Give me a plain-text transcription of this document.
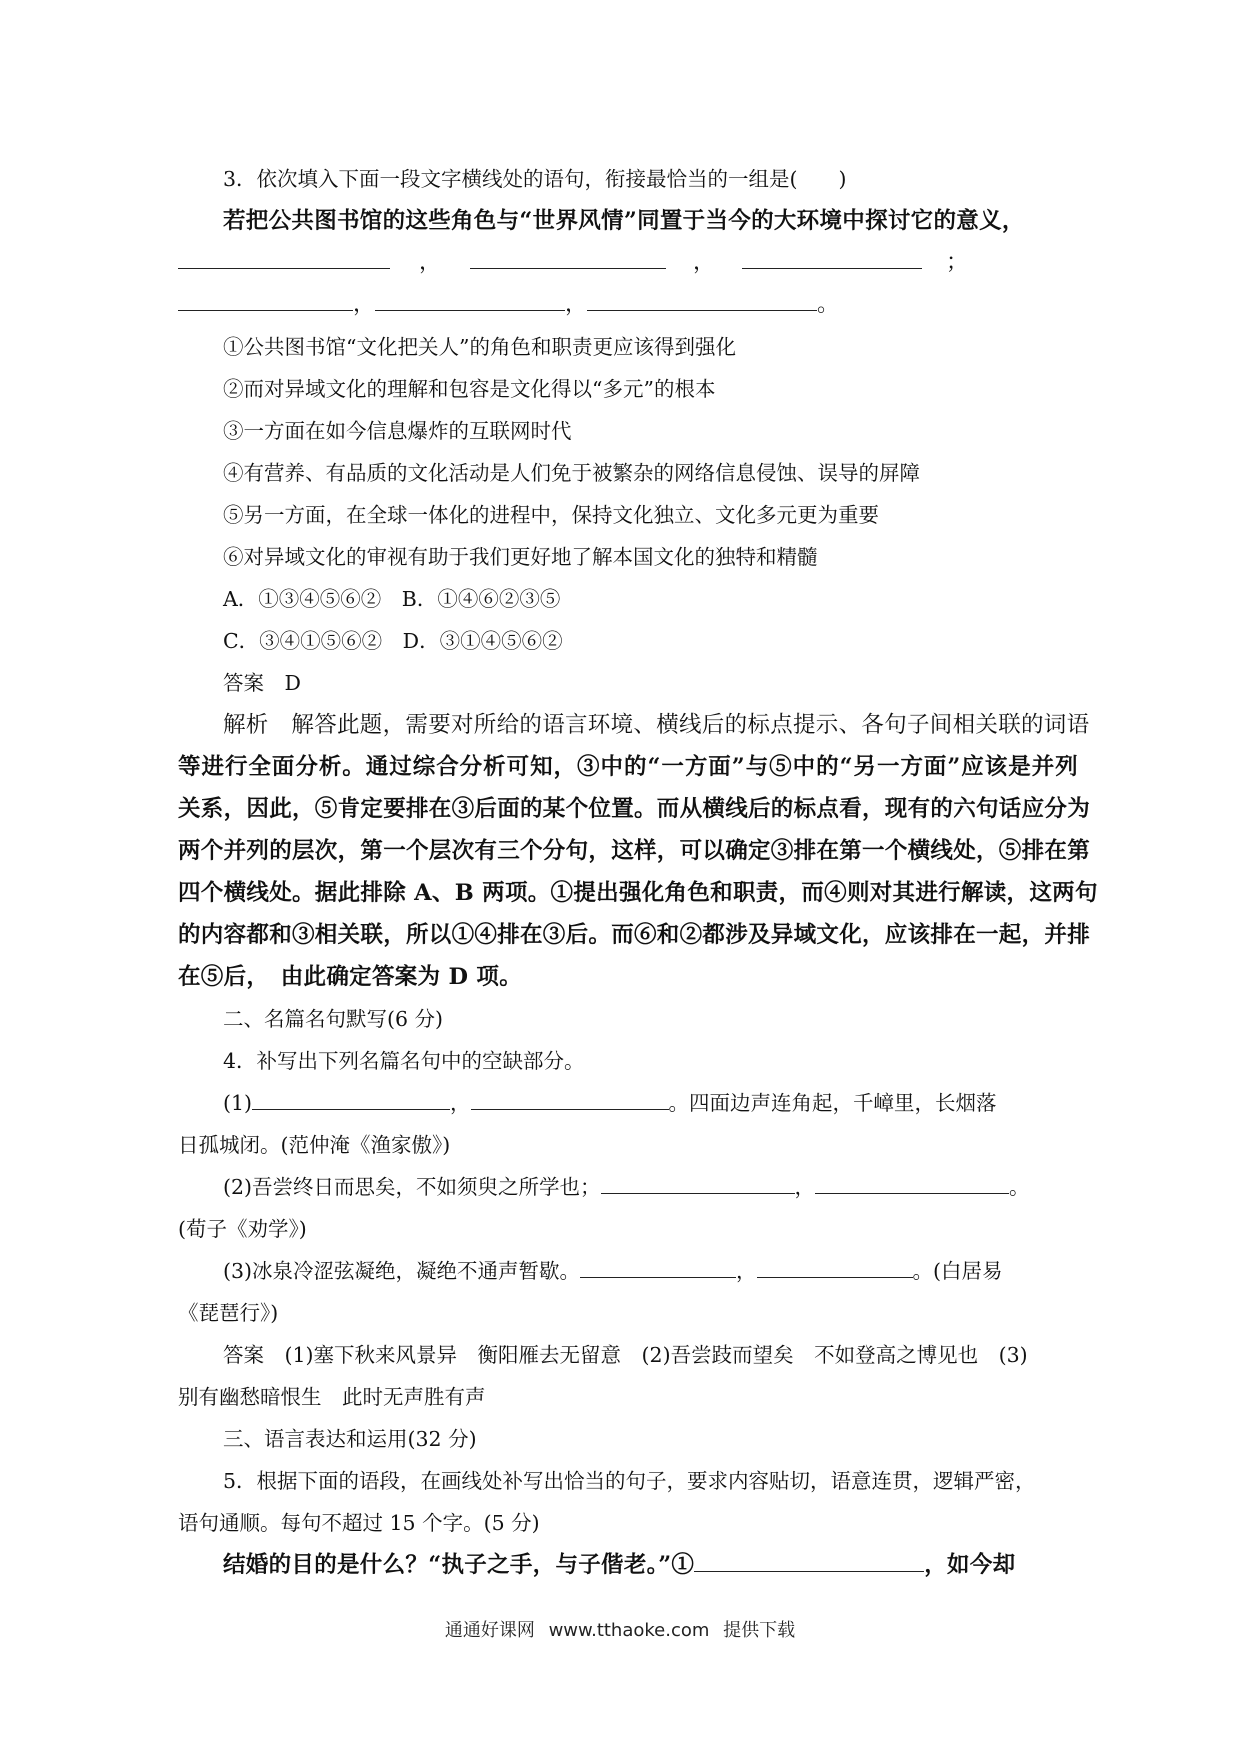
3．依次填入下面一段文字横线处的语句，衔接最恰当的一组是(　　)
若把公共图书馆的这些角色与“世界风情”同置于当今的大环境中探讨它的意义，
，	，	；
，	，	。
①公共图书馆“文化把关人”的角色和职责更应该得到强化
②而对异域文化的理解和包容是文化得以“多元”的根本
③一方面在如今信息爆炸的互联网时代
④有营养、有品质的文化活动是人们免于被繁杂的网络信息侵蚀、误导的屏障
⑤另一方面，在全球一体化的进程中，保持文化独立、文化多元更为重要
⑥对异域文化的审视有助于我们更好地了解本国文化的独特和精髓
A．①③④⑤⑥②　B．①④⑥②③⑤
C．③④①⑤⑥②　D．③①④⑤⑥②
答案　D
解析　解答此题，需要对所给的语言环境、横线后的标点提示、各句子间相关联的词语
等进行全面分析。通过综合分析可知，③中的“一方面”与⑤中的“另一方面”应该是并列
关系，因此，⑤肯定要排在③后面的某个位置。而从横线后的标点看，现有的六句话应分为
两个并列的层次，第一个层次有三个分句，这样，可以确定③排在第一个横线处，⑤排在第
四个横线处。据此排除 A、B 两项。①提出强化角色和职责，而④则对其进行解读，这两句
的内容都和③相关联，所以①④排在③后。而⑥和②都涉及异域文化，应该排在一起，并排
在⑤后，　由此确定答案为 D 项。
二、名篇名句默写(6 分)
4．补写出下列名篇名句中的空缺部分。
(1)	，	。四面边声连角起，千嶂里，长烟落
日孤城闭。(范仲淹《渔家傲》)
(2)吾尝终日而思矣，不如须臾之所学也；	，	。
(荀子《劝学》)
(3)冰泉冷涩弦凝绝，凝绝不通声暂歇。	，	。(白居易
《琵琶行》)
答案　(1)塞下秋来风景异　衡阳雁去无留意　(2)吾尝跂而望矣　不如登高之博见也　(3)
别有幽愁暗恨生　此时无声胜有声
三、语言表达和运用(32 分)
5．根据下面的语段，在画线处补写出恰当的句子，要求内容贴切，语意连贯，逻辑严密，
语句通顺。每句不超过 15 个字。(5 分)
结婚的目的是什么？“执子之手，与子偕老。”①	，如今却
通通好课网 www.tthaoke.com 提供下载
